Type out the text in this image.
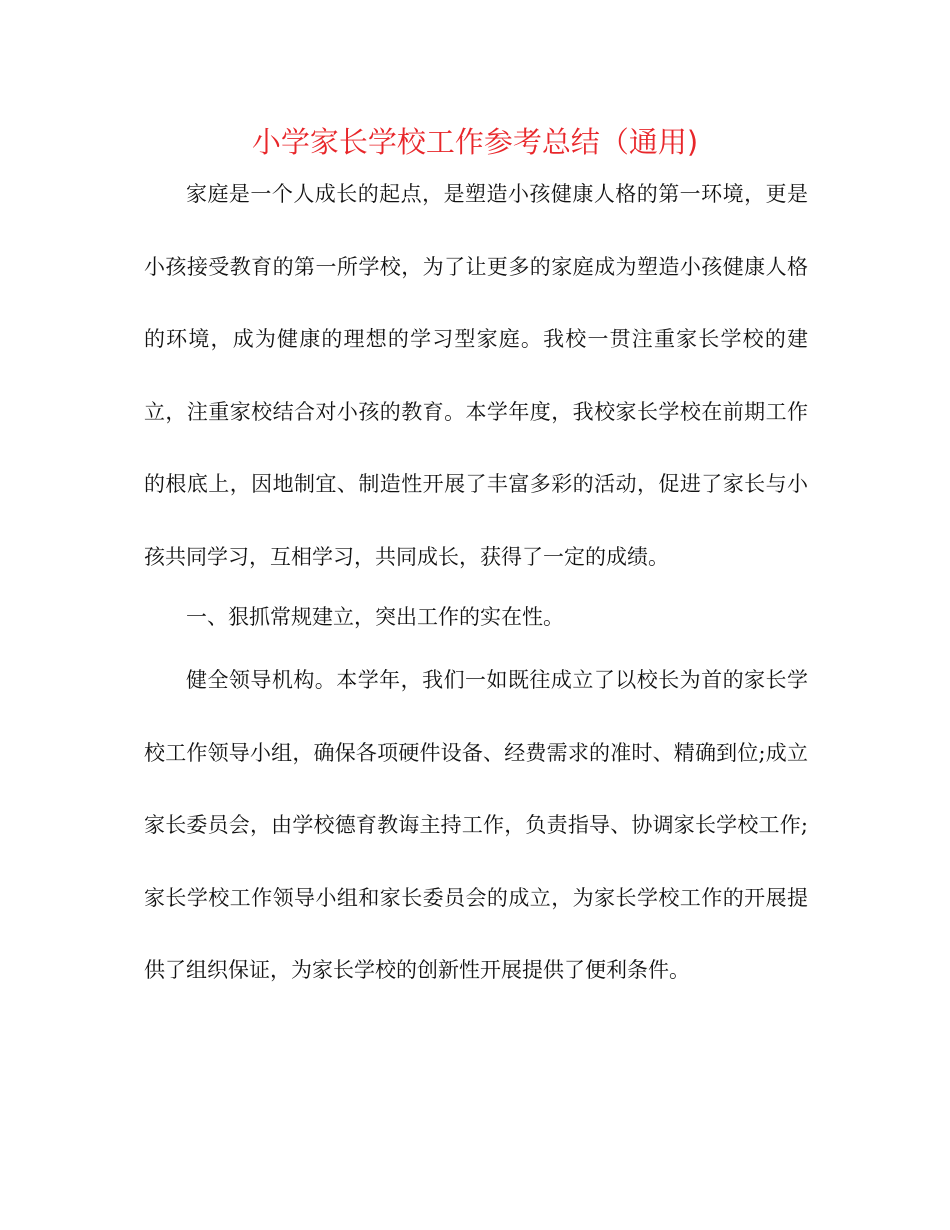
小学家长学校工作参考总结（通用)

家庭是一个人成长的起点，是塑造小孩健康人格的第一环境，更是小孩接受教育的第一所学校，为了让更多的家庭成为塑造小孩健康人格的环境，成为健康的理想的学习型家庭。我校一贯注重家长学校的建立，注重家校结合对小孩的教育。本学年度，我校家长学校在前期工作的根底上，因地制宜、制造性开展了丰富多彩的活动，促进了家长与小孩共同学习，互相学习，共同成长，获得了一定的成绩。

一、狠抓常规建立，突出工作的实在性。

健全领导机构。本学年，我们一如既往成立了以校长为首的家长学校工作领导小组，确保各项硬件设备、经费需求的准时、精确到位;成立家长委员会，由学校德育教诲主持工作，负责指导、协调家长学校工作;家长学校工作领导小组和家长委员会的成立，为家长学校工作的开展提供了组织保证，为家长学校的创新性开展提供了便利条件。
